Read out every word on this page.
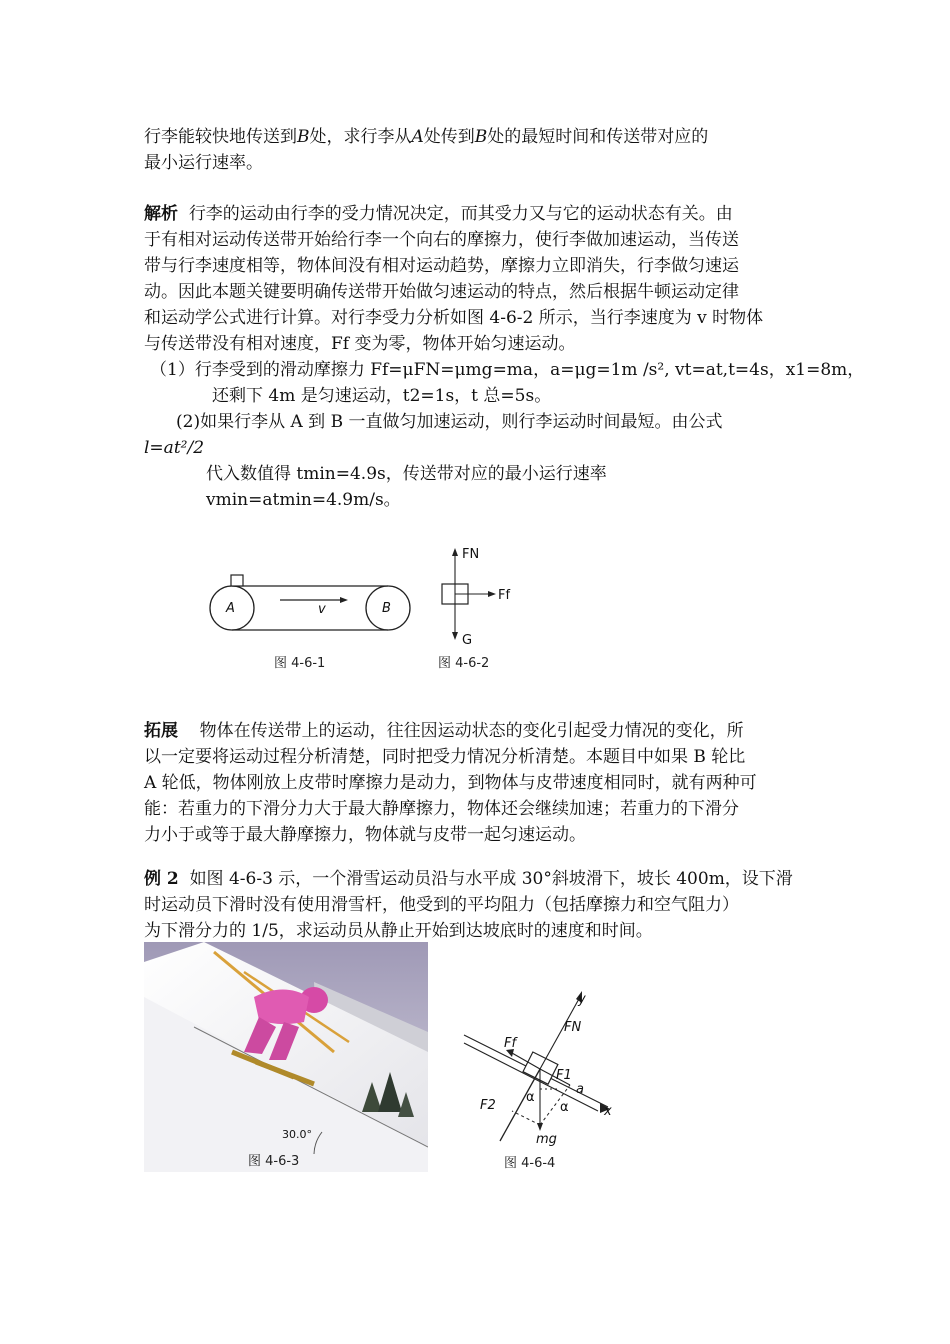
行李能较快地传送到B处，求行李从A处传到B处的最短时间和传送带对应的
最小运行速率。
解析 行李的运动由行李的受力情况决定，而其受力又与它的运动状态有关。由
于有相对运动传送带开始给行李一个向右的摩擦力，使行李做加速运动，当传送
带与行李速度相等，物体间没有相对运动趋势，摩擦力立即消失，行李做匀速运
动。因此本题关键要明确传送带开始做匀速运动的特点，然后根据牛顿运动定律
和运动学公式进行计算。对行李受力分析如图 4-6-2 所示，当行李速度为 v 时物体
与传送带没有相对速度，Ff 变为零，物体开始匀速运动。
（1）行李受到的滑动摩擦力 Ff=μFN=μmg=ma，a=μg=1m /s², vt=at,t=4s，x1=8m，
还剩下 4m 是匀速运动，t2=1s，t 总=5s。
(2)如果行李从 A 到 B 一直做匀加速运动，则行李运动时间最短。由公式
l=at²/2
代入数值得 tmin=4.9s，传送带对应的最小运行速率
vmin=atmin=4.9m/s。
A	B
v
图 4-6-1
FN
Ff
G
图 4-6-2
拓展 物体在传送带上的运动，往往因运动状态的变化引起受力情况的变化，所
以一定要将运动过程分析清楚，同时把受力情况分析清楚。本题目中如果 B 轮比
A 轮低，物体刚放上皮带时摩擦力是动力，到物体与皮带速度相同时，就有两种可
能：若重力的下滑分力大于最大静摩擦力，物体还会继续加速；若重力的下滑分
力小于或等于最大静摩擦力，物体就与皮带一起匀速运动。
例 2 如图 4-6-3 示，一个滑雪运动员沿与水平成 30°斜坡滑下，坡长 400m，设下滑
时运动员下滑时没有使用滑雪杆，他受到的平均阻力（包括摩擦力和空气阻力）
为下滑分力的 1/5，求运动员从静止开始到达坡底时的速度和时间。
30.0°
图 4-6-3
y
x
FN
Ff
F1
F2
a
α
α
mg
图 4-6-4
